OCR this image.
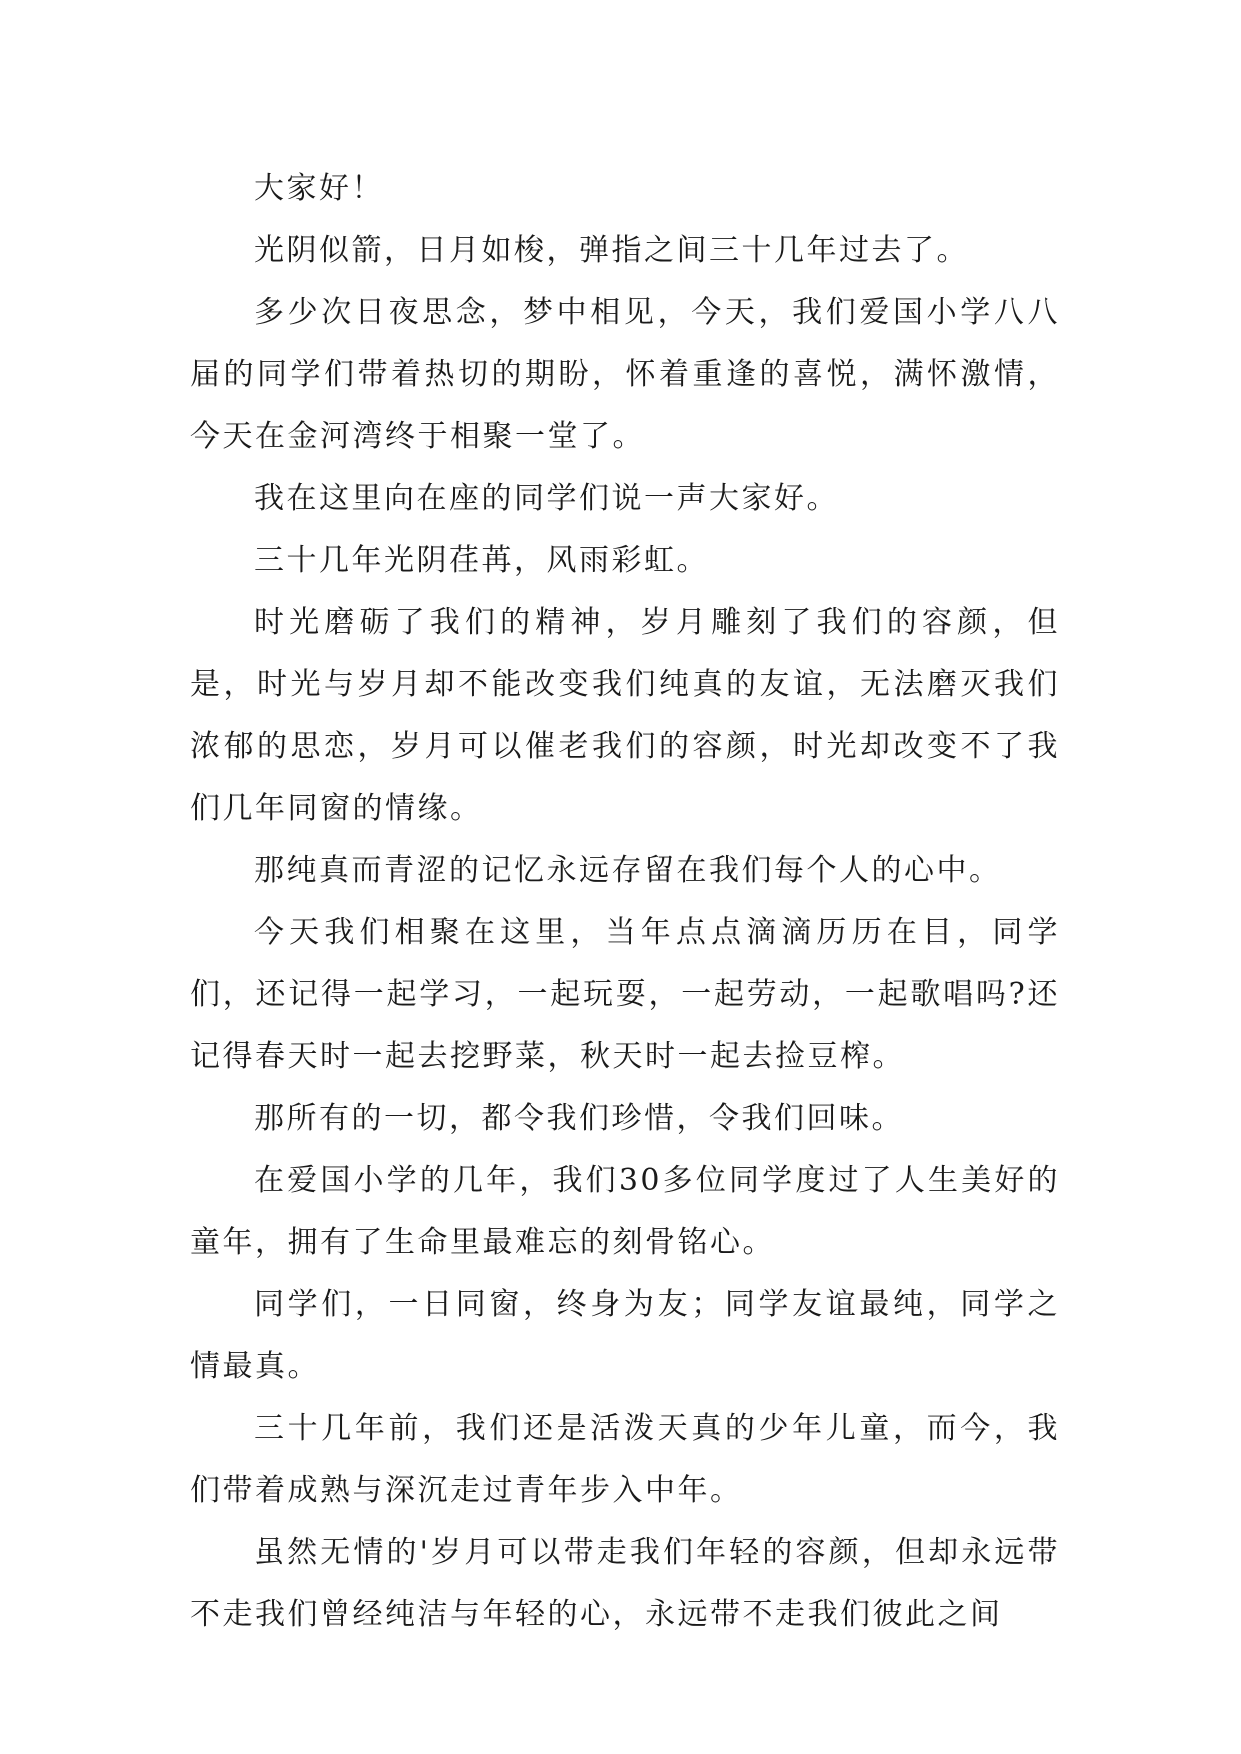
大家好！

光阴似箭，日月如梭，弹指之间三十几年过去了。

多少次日夜思念，梦中相见，今天，我们爱国小学八八届的同学们带着热切的期盼，怀着重逢的喜悦，满怀激情，今天在金河湾终于相聚一堂了。

我在这里向在座的同学们说一声大家好。

三十几年光阴荏苒，风雨彩虹。

时光磨砺了我们的精神，岁月雕刻了我们的容颜，但是，时光与岁月却不能改变我们纯真的友谊，无法磨灭我们浓郁的思恋，岁月可以催老我们的容颜，时光却改变不了我们几年同窗的情缘。

那纯真而青涩的记忆永远存留在我们每个人的心中。

今天我们相聚在这里，当年点点滴滴历历在目，同学们，还记得一起学习，一起玩耍，一起劳动，一起歌唱吗?还记得春天时一起去挖野菜，秋天时一起去捡豆榨。

那所有的一切，都令我们珍惜，令我们回味。

在爱国小学的几年，我们30多位同学度过了人生美好的童年，拥有了生命里最难忘的刻骨铭心。

同学们，一日同窗，终身为友；同学友谊最纯，同学之情最真。

三十几年前，我们还是活泼天真的少年儿童，而今，我们带着成熟与深沉走过青年步入中年。

虽然无情的'岁月可以带走我们年轻的容颜，但却永远带不走我们曾经纯洁与年轻的心，永远带不走我们彼此之间
